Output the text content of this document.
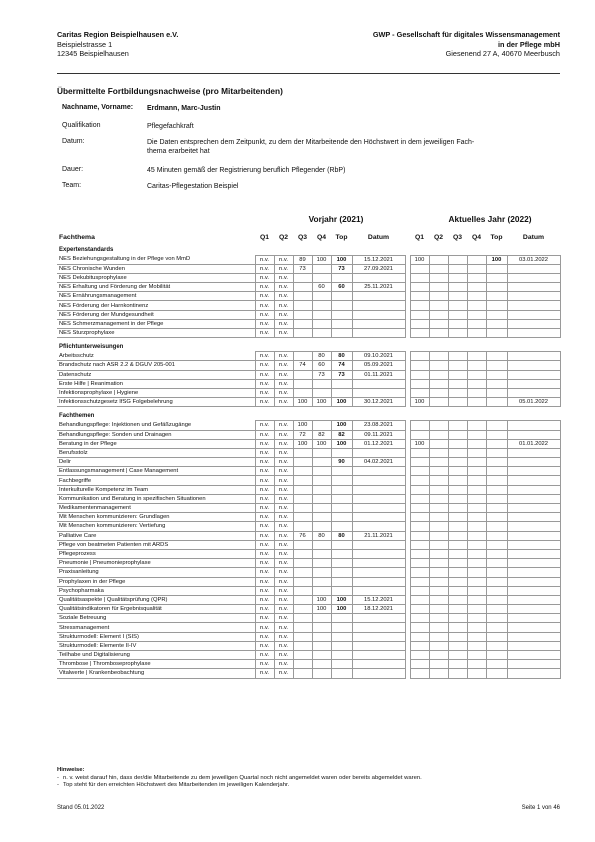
Caritas Region Beispielhausen e.V.
Beispielstrasse 1
12345 Beispielhausen
GWP - Gesellschaft für digitales Wissensmanagement
in der Pflege mbH
Giesenend 27 A, 40670 Meerbusch
Übermittelte Fortbildungsnachweise (pro Mitarbeitenden)
Nachname, Vorname:	Erdmann, Marc-Justin
Qualifikation	Pflegefachkraft
Datum:	Die Daten entsprechen dem Zeitpunkt, zu dem der Mitarbeitende den Höchstwert in dem jeweiligen Fach-
thema erarbeitet hat
Dauer:	45 Minuten gemäß der Registrierung beruflich Pflegender (RbP)
Team:	Caritas-Pflegestation Beispiel
Vorjahr (2021)	Aktuelles Jahr (2022)
Fachthema	Q1	Q2	Q3	Q4	Top	Datum		Q1	Q2	Q3	Q4	Top	Datum
Expertenstandards													
NES Beziehungsgestaltung in der Pflege von MmD	n.v.	n.v.	89	100	100	15.12.2021		100				100	03.01.2022
NES Chronische Wunden	n.v.	n.v.	73		73	27.09.2021							
NES Dekubitusprophylaxe	n.v.	n.v.											
NES Erhaltung und Förderung der Mobilität	n.v.	n.v.		60	60	25.11.2021							
NES Ernährungsmanagement	n.v.	n.v.											
NES Förderung der Harnkontinenz	n.v.	n.v.											
NES Förderung der Mundgesundheit	n.v.	n.v.											
NES Schmerzmanagement in der Pflege	n.v.	n.v.											
NES Sturzprophylaxe	n.v.	n.v.											

Pflichtunterweisungen													
Arbeitsschutz	n.v.	n.v.		80	80	09.10.2021							
Brandschutz nach ASR 2.2 & DGUV 205-001	n.v.	n.v.	74	60	74	05.09.2021							
Datenschutz	n.v.	n.v.		73	73	01.11.2021							
Erste Hilfe | Reanimation	n.v.	n.v.											
Infektionsprophylaxe | Hygiene	n.v.	n.v.											
Infektionsschutzgesetz IfSG Folgebelehrung	n.v.	n.v.	100	100	100	30.12.2021		100					05.01.2022

Fachthemen													
Behandlungspflege: Injektionen und Gefäßzugänge	n.v.	n.v.	100		100	23.08.2021							
Behandlungspflege: Sonden und Drainagen	n.v.	n.v.	72	82	82	09.11.2021							
Beratung in der Pflege	n.v.	n.v.	100	100	100	01.12.2021		100					01.01.2022
Berufsstolz	n.v.	n.v.											
Delir	n.v.	n.v.			90	04.02.2021							
Entlassungsmanagement | Case Management	n.v.	n.v.											
Fachbegriffe	n.v.	n.v.											
Interkulturelle Kompetenz im Team	n.v.	n.v.											
Kommunikation und Beratung in spezifischen Situationen	n.v.	n.v.											
Medikamentenmanagement	n.v.	n.v.											
Mit Menschen kommunizieren: Grundlagen	n.v.	n.v.											
Mit Menschen kommunizieren: Vertiefung	n.v.	n.v.											
Palliative Care	n.v.	n.v.	76	80	80	21.11.2021							
Pflege von beatmeten Patienten mit ARDS	n.v.	n.v.											
Pflegeprozess	n.v.	n.v.											
Pneumonie | Pneumonieprophylaxe	n.v.	n.v.											
Praxisanleitung	n.v.	n.v.											
Prophylaxen in der Pflege	n.v.	n.v.											
Psychopharmaka	n.v.	n.v.											
Qualitätsaspekte | Qualitätsprüfung (QPR)	n.v.	n.v.		100	100	15.12.2021							
Qualitätsindikatoren für Ergebnisqualität	n.v.	n.v.		100	100	18.12.2021							
Soziale Betreuung	n.v.	n.v.											
Stressmanagement	n.v.	n.v.											
Strukturmodell: Element I (SIS)	n.v.	n.v.											
Strukturmodell: Elemente II-IV	n.v.	n.v.											
Teilhabe und Digitalisierung	n.v.	n.v.											
Thrombose | Thromboseprophylaxe	n.v.	n.v.											
Vitalwerte | Krankenbeobachtung	n.v.	n.v.											

Hinweise:
- n. v. weist darauf hin, dass der/die Mitarbeitende zu dem jeweiligen Quartal noch nicht angemeldet waren oder bereits abgemeldet waren.
- Top steht für den erreichten Höchstwert des Mitarbeitenden im jeweiligen Kalenderjahr.
Stand 05.01.2022	Seite 1 von 46
